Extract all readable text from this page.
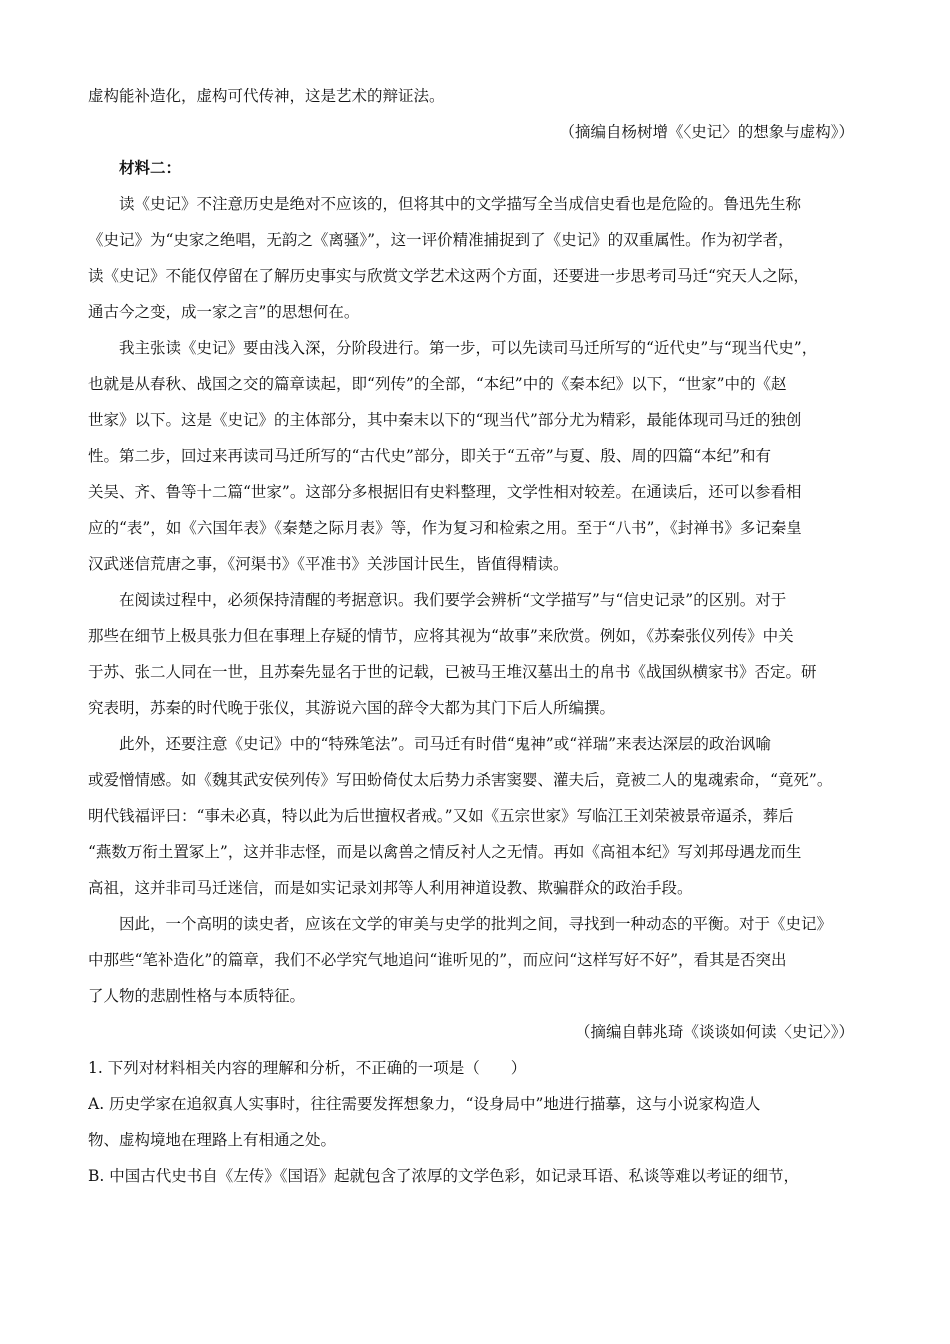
虚构能补造化，虚构可代传神，这是艺术的辩证法。
（摘编自杨树增《〈史记〉的想象与虚构》）
材料二：
读《史记》不注意历史是绝对不应该的，但将其中的文学描写全当成信史看也是危险的。鲁迅先生称
《史记》为“史家之绝唱，无韵之《离骚》”，这一评价精准捕捉到了《史记》的双重属性。作为初学者，
读《史记》不能仅停留在了解历史事实与欣赏文学艺术这两个方面，还要进一步思考司马迁“究天人之际，
通古今之变，成一家之言”的思想何在。
我主张读《史记》要由浅入深，分阶段进行。第一步，可以先读司马迁所写的“近代史”与“现当代史”，
也就是从春秋、战国之交的篇章读起，即“列传”的全部，“本纪”中的《秦本纪》以下，“世家”中的《赵
世家》以下。这是《史记》的主体部分，其中秦末以下的“现当代”部分尤为精彩，最能体现司马迁的独创
性。第二步，回过来再读司马迁所写的“古代史”部分，即关于“五帝”与夏、殷、周的四篇“本纪”和有
关吴、齐、鲁等十二篇“世家”。这部分多根据旧有史料整理，文学性相对较差。在通读后，还可以参看相
应的“表”，如《六国年表》《秦楚之际月表》等，作为复习和检索之用。至于“八书”，《封禅书》多记秦皇
汉武迷信荒唐之事，《河渠书》《平准书》关涉国计民生，皆值得精读。
在阅读过程中，必须保持清醒的考据意识。我们要学会辨析“文学描写”与“信史记录”的区别。对于
那些在细节上极具张力但在事理上存疑的情节，应将其视为“故事”来欣赏。例如，《苏秦张仪列传》中关
于苏、张二人同在一世，且苏秦先显名于世的记载，已被马王堆汉墓出土的帛书《战国纵横家书》否定。研
究表明，苏秦的时代晚于张仪，其游说六国的辞令大都为其门下后人所编撰。
此外，还要注意《史记》中的“特殊笔法”。司马迁有时借“鬼神”或“祥瑞”来表达深层的政治讽喻
或爱憎情感。如《魏其武安侯列传》写田蚡倚仗太后势力杀害窦婴、灌夫后，竟被二人的鬼魂索命，“竟死”。
明代钱福评曰：“事未必真，特以此为后世擅权者戒。”又如《五宗世家》写临江王刘荣被景帝逼杀，葬后
“燕数万衔土置冢上”，这并非志怪，而是以禽兽之情反衬人之无情。再如《高祖本纪》写刘邦母遇龙而生
高祖，这并非司马迁迷信，而是如实记录刘邦等人利用神道设教、欺骗群众的政治手段。
因此，一个高明的读史者，应该在文学的审美与史学的批判之间，寻找到一种动态的平衡。对于《史记》
中那些“笔补造化”的篇章，我们不必学究气地追问“谁听见的”，而应问“这样写好不好”，看其是否突出
了人物的悲剧性格与本质特征。
（摘编自韩兆琦《谈谈如何读〈史记〉》）
1. 下列对材料相关内容的理解和分析，不正确的一项是（　　）
A. 历史学家在追叙真人实事时，往往需要发挥想象力，“设身局中”地进行描摹，这与小说家构造人
物、虚构境地在理路上有相通之处。
B. 中国古代史书自《左传》《国语》起就包含了浓厚的文学色彩，如记录耳语、私谈等难以考证的细节，
